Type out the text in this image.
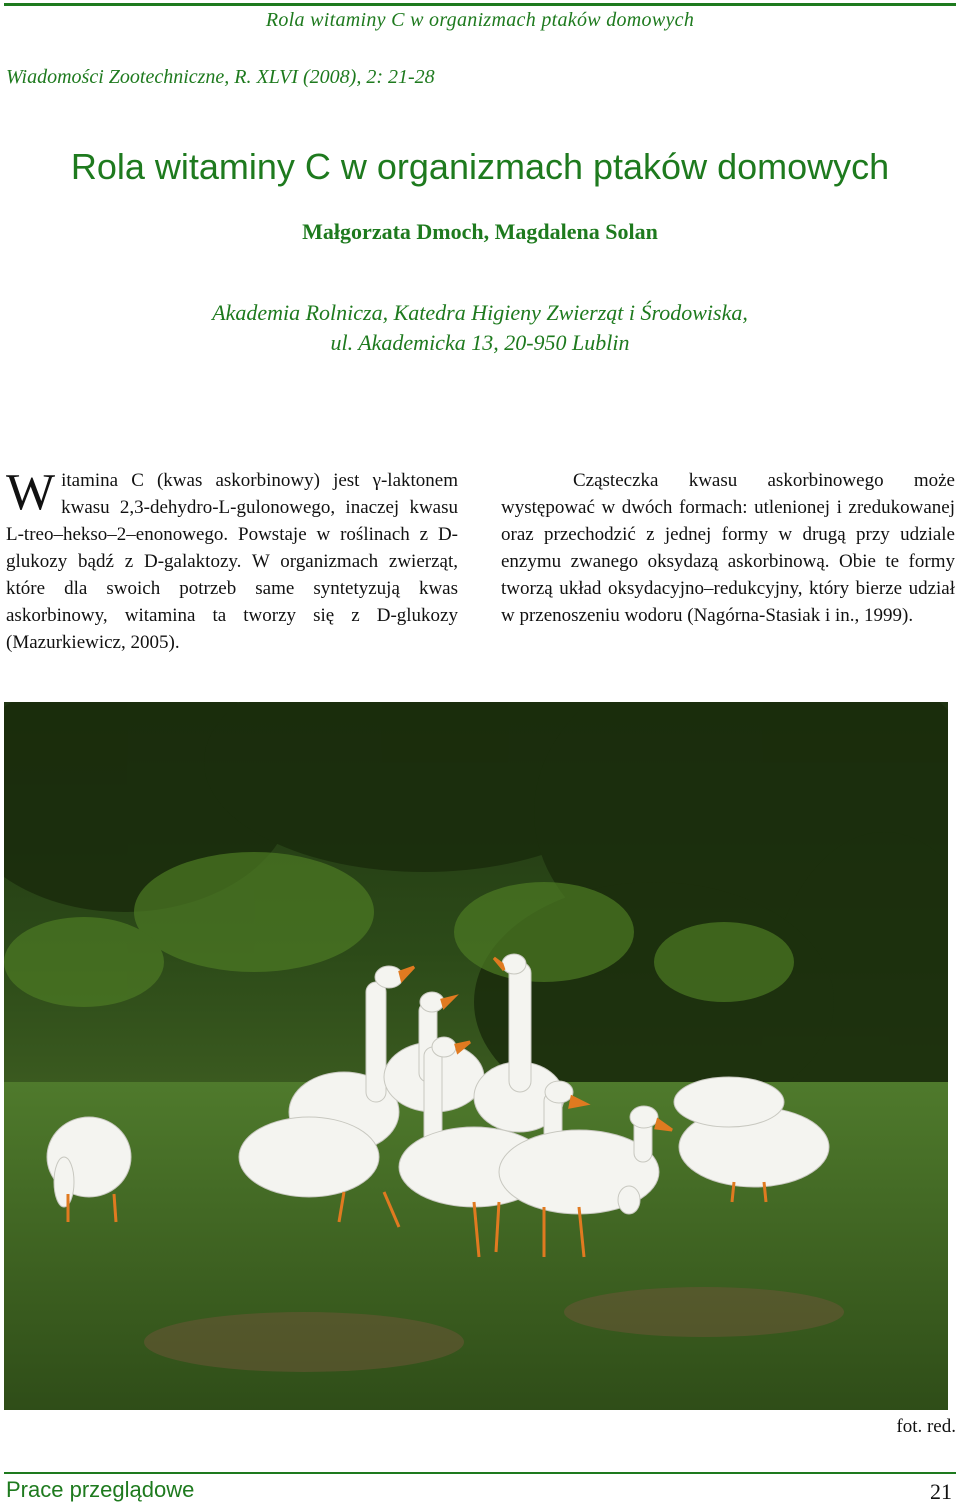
Rola witaminy C w organizmach ptaków domowych
Wiadomości Zootechniczne, R. XLVI (2008), 2: 21-28
Rola witaminy C w organizmach ptaków domowych
Małgorzata Dmoch, Magdalena Solan
Akademia Rolnicza, Katedra Higieny Zwierząt i Środowiska,
ul. Akademicka 13, 20-950 Lublin
Witamina C (kwas askorbinowy) jest γ-laktonem kwasu 2,3-dehydro-L-gulonowego, inaczej kwasu L-treo–hekso–2–enonowego. Powstaje w roślinach z D-glukozy bądź z D-galaktozy. W organizmach zwierząt, które dla swoich potrzeb same syntetyzują kwas askorbinowy, witamina ta tworzy się z D-glukozy (Mazurkiewicz, 2005).
Cząsteczka kwasu askorbinowego może występować w dwóch formach: utlenionej i zredukowanej oraz przechodzić z jednej formy w drugą przy udziale enzymu zwanego oksydazą askorbinową. Obie te formy tworzą układ oksydacyjno–redukcyjny, który bierze udział w przenoszeniu wodoru (Nagórna-Stasiak i in., 1999).
fot. red.
Prace przeglądowe	21
